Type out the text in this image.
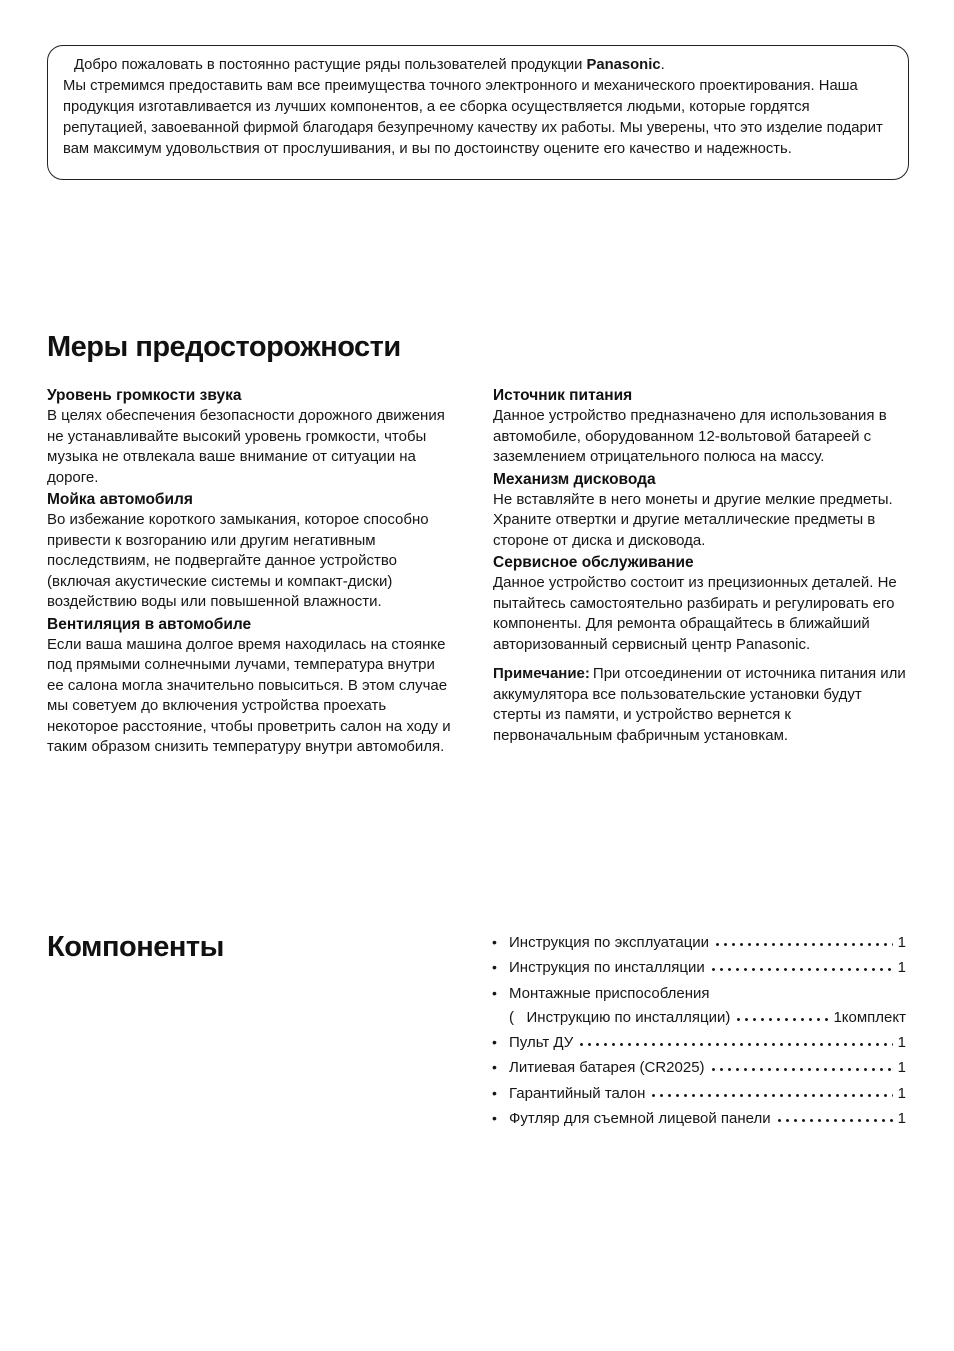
Добро пожаловать в постоянно растущие ряды пользователей продукции Panasonic.

Мы стремимся предоставить вам все преимущества точного электронного и механического проектирования. Наша продукция изготавливается из лучших компонентов, а ее сборка осуществляется людьми, которые гордятся репутацией, завоеванной фирмой благодаря безупречному качеству их работы. Мы уверены, что это изделие подарит вам максимум удовольствия от прослушивания, и вы по достоинству оцените его качество и надежность.

Меры предосторожности
Уровень громкости звука

В целях обеспечения безопасности дорожного движения не устанавливайте высокий уровень громкости, чтобы музыка не отвлекала ваше внимание от ситуации на дороге.

Мойка автомобиля

Во избежание короткого замыкания, которое способно привести к возгоранию или другим негативным последствиям, не подвергайте данное устройство (включая акустические системы и компакт-диски) воздействию воды или повышенной влажности.

Вентиляция в автомобиле

Если ваша машина долгое время находилась на стоянке под прямыми солнечными лучами, температура внутри ее салона могла значительно повыситься. В этом случае мы советуем до включения устройства проехать некоторое расстояние, чтобы проветрить салон на ходу и таким образом снизить температуру внутри автомобиля.

Источник питания

Данное устройство предназначено для использования в автомобиле, оборудованном 12-вольтовой батареей с заземлением отрицательного полюса на массу.

Механизм дисковода

Не вставляйте в него монеты и другие мелкие предметы. Храните отвертки и другие металлические предметы в стороне от диска и дисковода.

Сервисное обслуживание

Данное устройство состоит из прецизионных деталей. Не пытайтесь самостоятельно разбирать и регулировать его компоненты. Для ремонта обращайтесь в ближайший авторизованный сервисный центр Panasonic.

Примечание: При отсоединении от источника питания или аккумулятора все пользовательские установки будут стерты из памяти, и устройство вернется к первоначальным фабричным установкам.

Компоненты	• Инструкция по эксплуатации	1
• Инструкция по инсталляции	1
• Монтажные приспособления
(   Инструкцию по инсталляции)	1комплект
• Пульт ДУ	1
• Литиевая батарея (CR2025)	1
• Гарантийный талон	1
• Футляр для съемной лицевой панели	1
